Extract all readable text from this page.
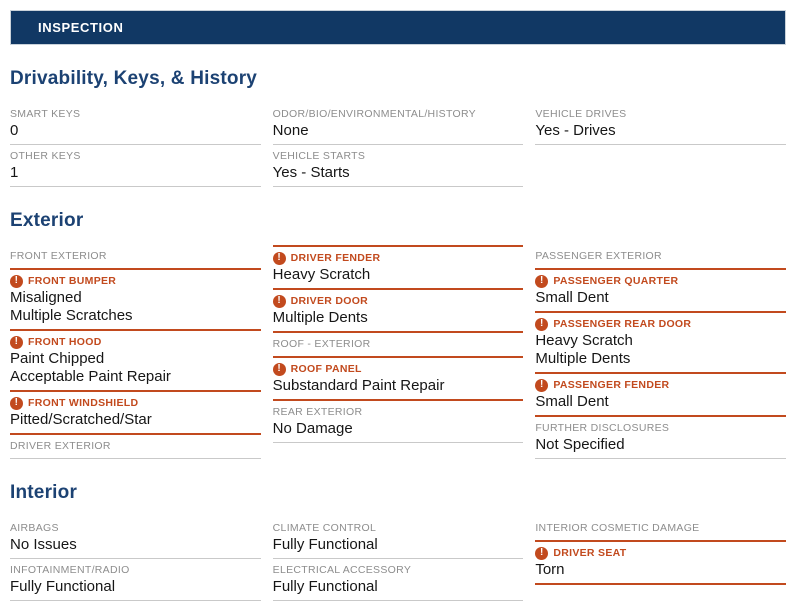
INSPECTION
Drivability, Keys, & History
SMART KEYS
0
OTHER KEYS
1
ODOR/BIO/ENVIRONMENTAL/HISTORY
None
VEHICLE STARTS
Yes - Starts
VEHICLE DRIVES
Yes - Drives
Exterior
FRONT EXTERIOR
! FRONT BUMPER
Misaligned
Multiple Scratches
! FRONT HOOD
Paint Chipped
Acceptable Paint Repair
! FRONT WINDSHIELD
Pitted/Scratched/Star
DRIVER EXTERIOR
! DRIVER FENDER
Heavy Scratch
! DRIVER DOOR
Multiple Dents
ROOF - EXTERIOR
! ROOF PANEL
Substandard Paint Repair
REAR EXTERIOR
No Damage
PASSENGER EXTERIOR
! PASSENGER QUARTER
Small Dent
! PASSENGER REAR DOOR
Heavy Scratch
Multiple Dents
! PASSENGER FENDER
Small Dent
FURTHER DISCLOSURES
Not Specified
Interior
AIRBAGS
No Issues
INFOTAINMENT/RADIO
Fully Functional
CLIMATE CONTROL
Fully Functional
ELECTRICAL ACCESSORY
Fully Functional
INTERIOR COSMETIC DAMAGE
! DRIVER SEAT
Torn
